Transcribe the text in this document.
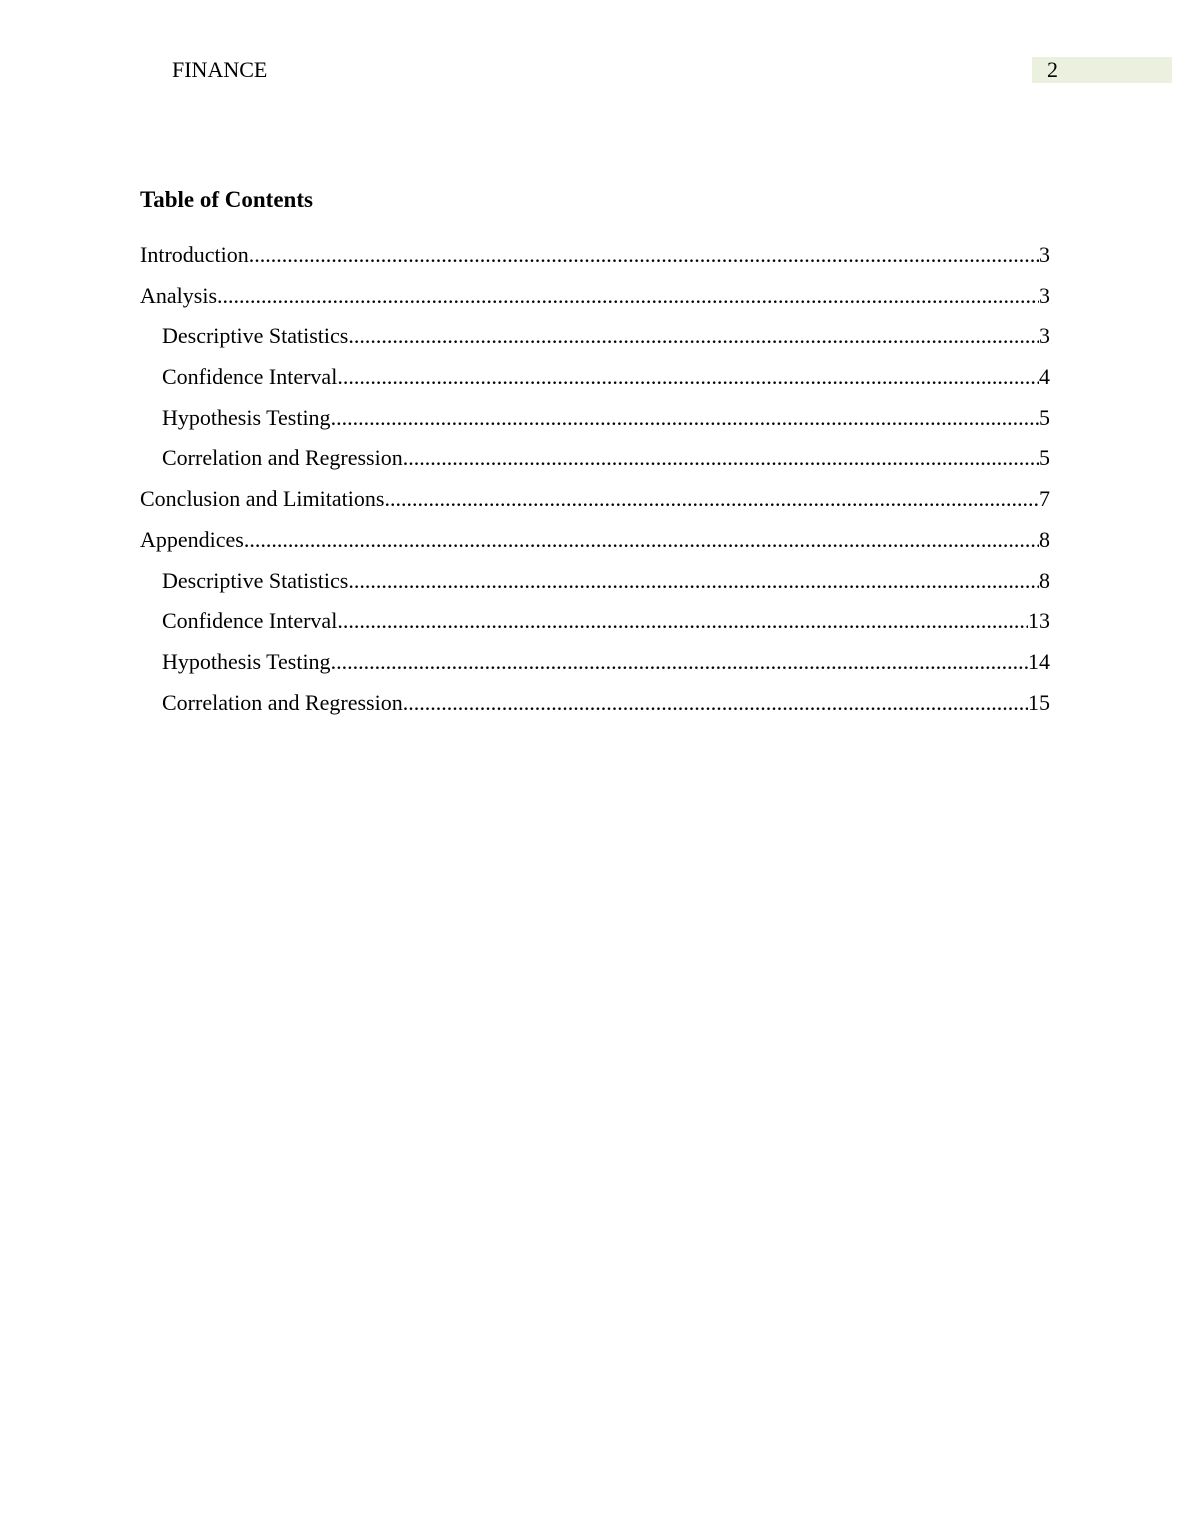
FINANCE	2
Table of Contents
Introduction .....	3
Analysis .....	3
Descriptive Statistics .....	3
Confidence Interval .....	4
Hypothesis Testing .....	5
Correlation and Regression .....	5
Conclusion and Limitations .....	7
Appendices .....	8
Descriptive Statistics .....	8
Confidence Interval .....	13
Hypothesis Testing .....	14
Correlation and Regression .....	15
